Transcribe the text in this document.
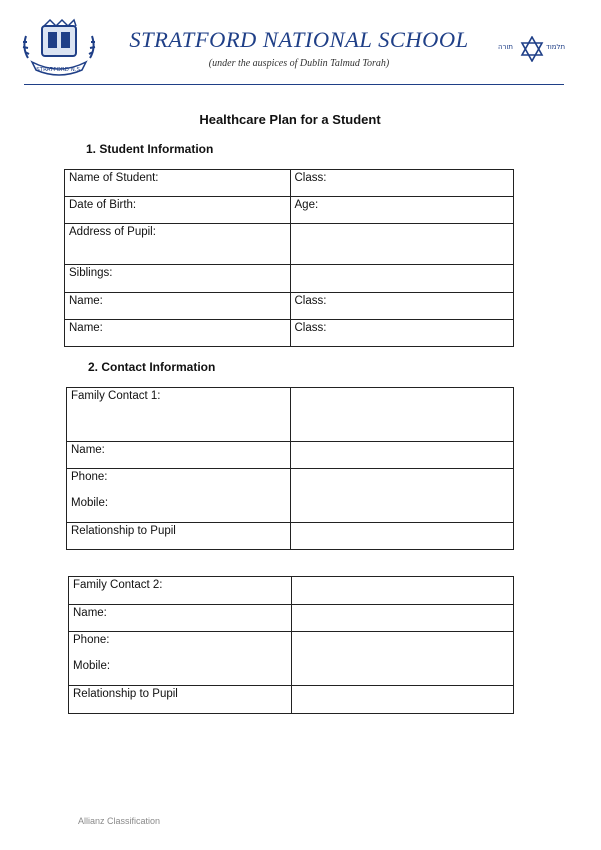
STRATFORD N.S.
STRATFORD NATIONAL SCHOOL
(under the auspices of Dublin Talmud Torah)
תורה	תלמוד
Healthcare Plan for a Student
1. Student Information
Name of Student:	Class:

Date of Birth:	Age:

Address of Pupil:	

Siblings:	

Name:	Class:

Name:	Class:
2. Contact Information
Family Contact 1:	

Name:	

Phone:
Mobile:	

Relationship to Pupil	

Family Contact 2:	

Name:	

Phone:
Mobile:	

Relationship to Pupil	

Allianz Classification
